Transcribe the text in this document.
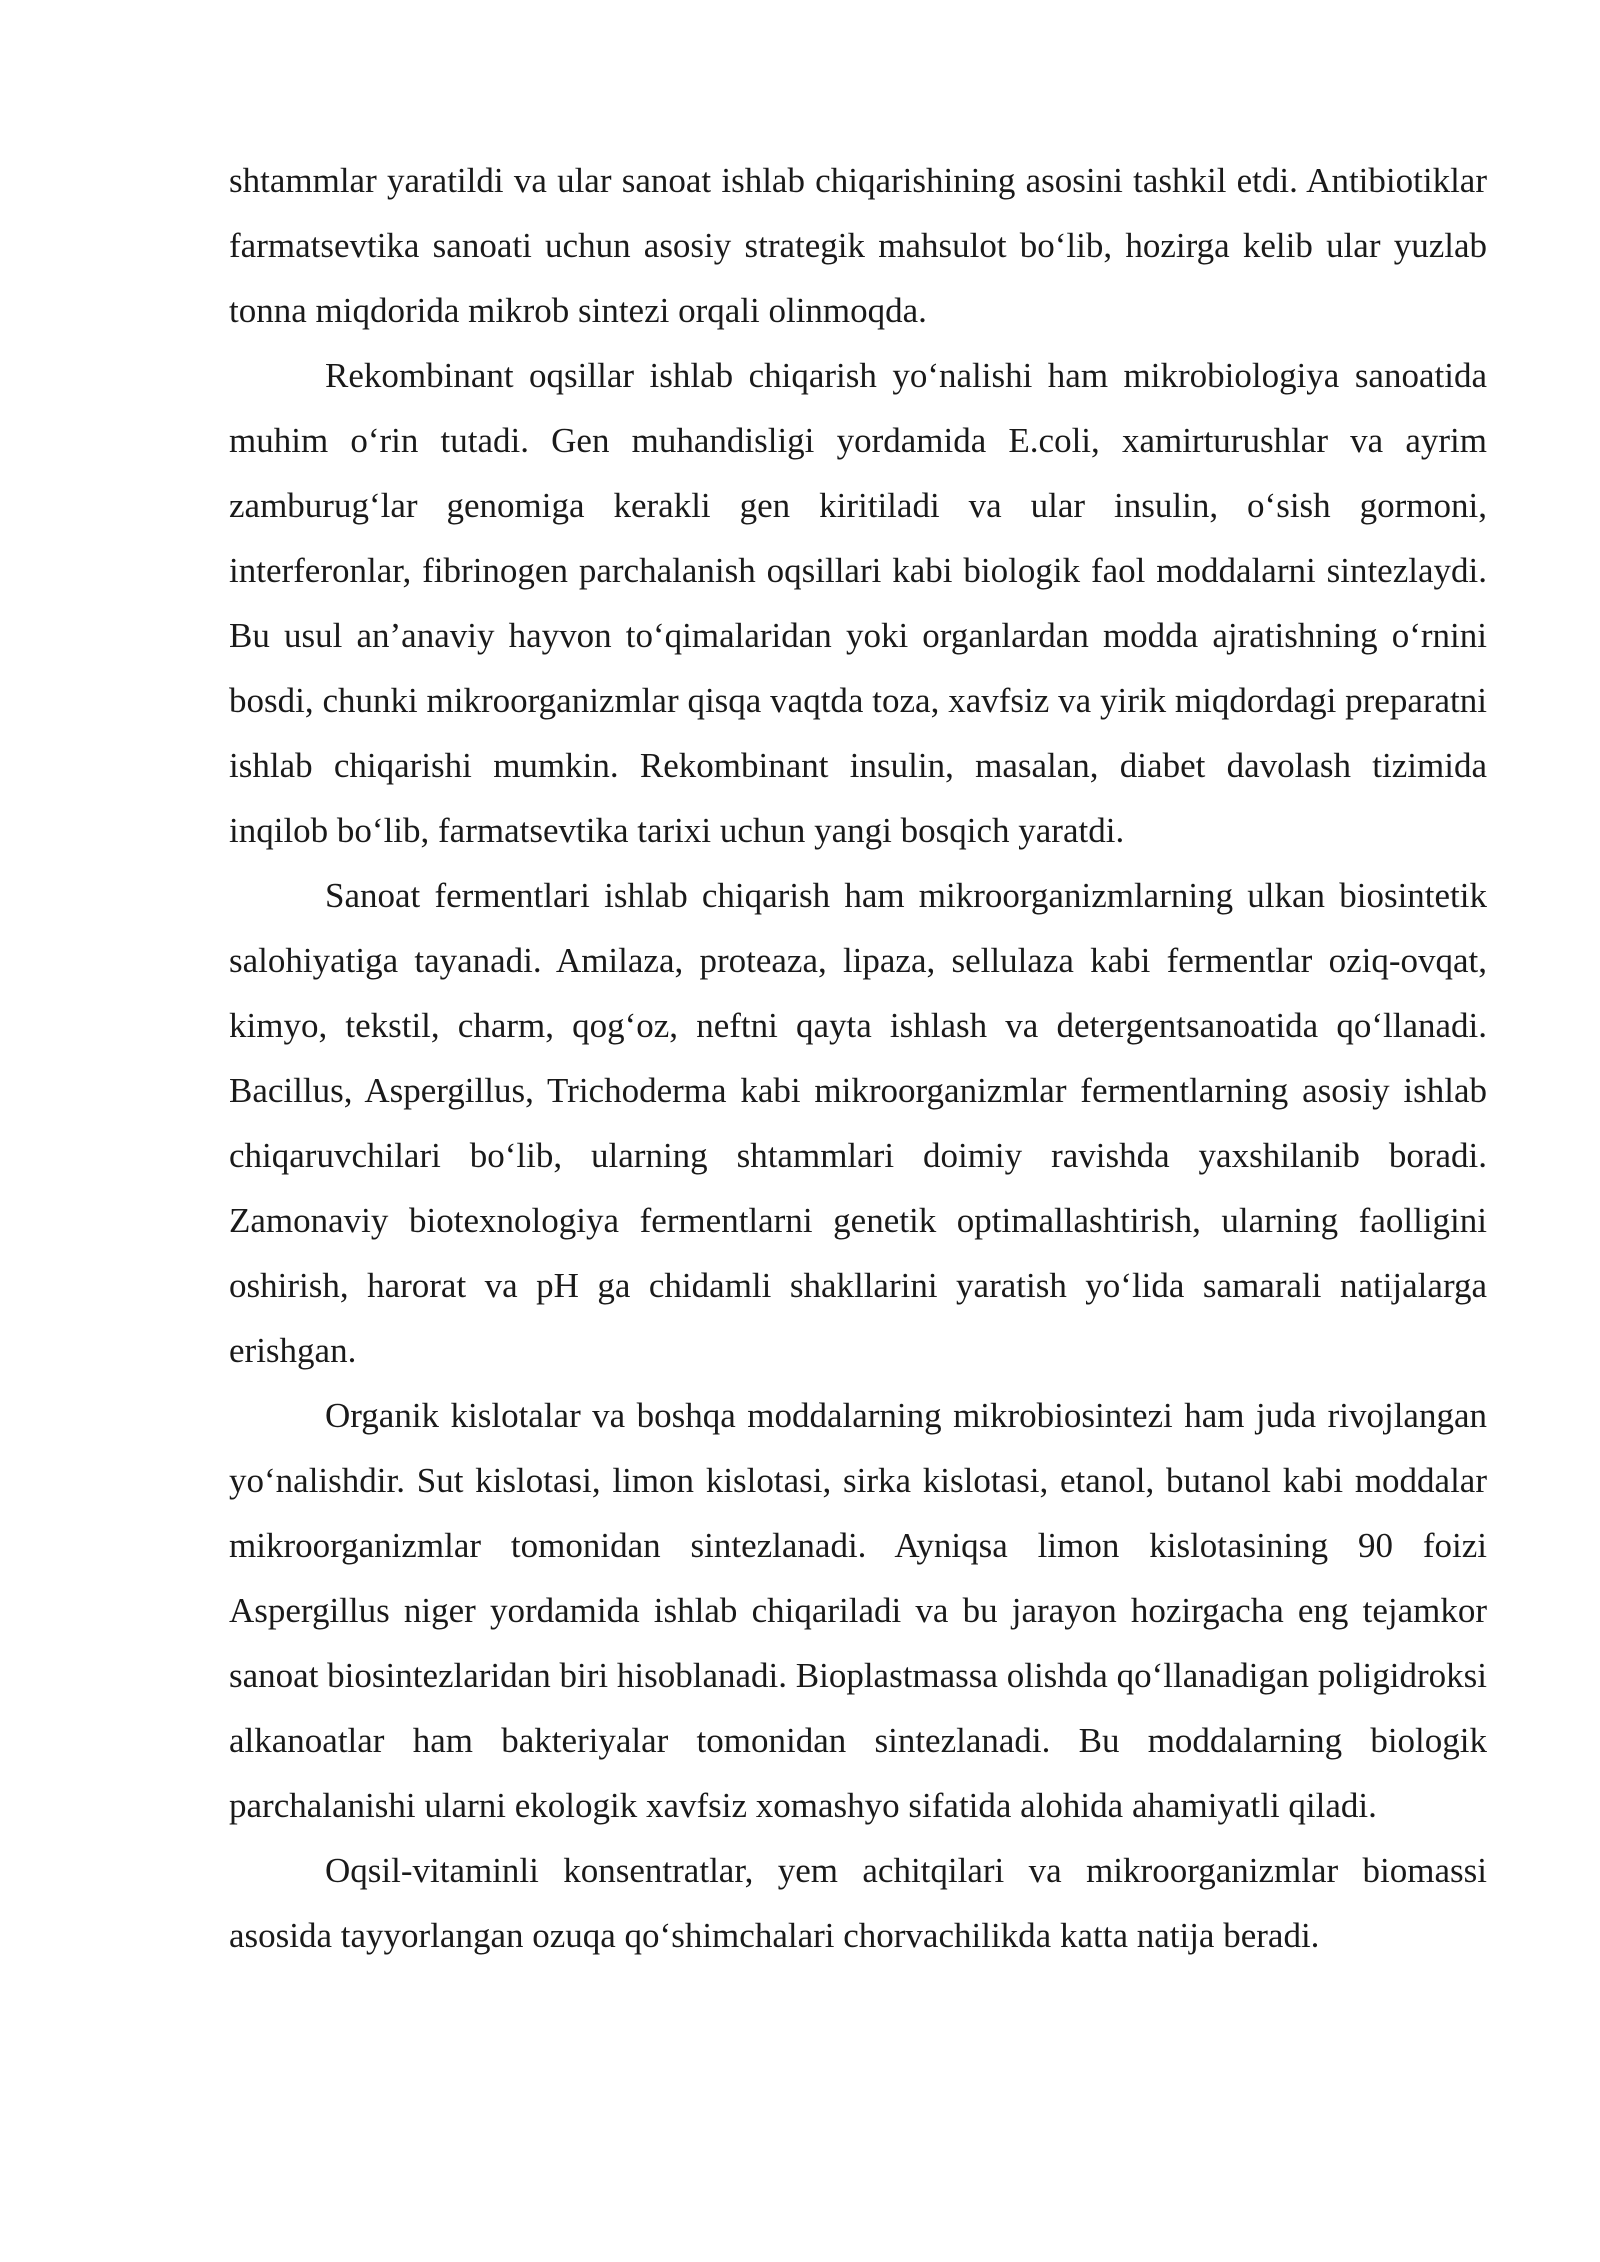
shtammlar yaratildi va ular sanoat ishlab chiqarishining asosini tashkil etdi. Antibiotiklar farmatsevtika sanoati uchun asosiy strategik mahsulot bo‘lib, hozirga kelib ular yuzlab tonna miqdorida mikrob sintezi orqali olinmoqda.

Rekombinant oqsillar ishlab chiqarish yo‘nalishi ham mikrobiologiya sanoatida muhim o‘rin tutadi. Gen muhandisligi yordamida E.coli, xamirturushlar va ayrim zamburug‘lar genomiga kerakli gen kiritiladi va ular insulin, o‘sish gormoni, interferonlar, fibrinogen parchalanish oqsillari kabi biologik faol moddalarni sintezlaydi. Bu usul an’anaviy hayvon to‘qimalaridan yoki organlardan modda ajratishning o‘rnini bosdi, chunki mikroorganizmlar qisqa vaqtda toza, xavfsiz va yirik miqdordagi preparatni ishlab chiqarishi mumkin. Rekombinant insulin, masalan, diabet davolash tizimida inqilob bo‘lib, farmatsevtika tarixi uchun yangi bosqich yaratdi.

Sanoat fermentlari ishlab chiqarish ham mikroorganizmlarning ulkan biosintetik salohiyatiga tayanadi. Amilaza, proteaza, lipaza, sellulaza kabi fermentlar oziq-ovqat, kimyo, tekstil, charm, qog‘oz, neftni qayta ishlash va detergentsanoatida qo‘llanadi. Bacillus, Aspergillus, Trichoderma kabi mikroorganizmlar fermentlarning asosiy ishlab chiqaruvchilari bo‘lib, ularning shtammlari doimiy ravishda yaxshilanib boradi. Zamonaviy biotexnologiya fermentlarni genetik optimallashtirish, ularning faolligini oshirish, harorat va pH ga chidamli shakllarini yaratish yo‘lida samarali natijalarga erishgan.

Organik kislotalar va boshqa moddalarning mikrobiosintezi ham juda rivojlangan yo‘nalishdir. Sut kislotasi, limon kislotasi, sirka kislotasi, etanol, butanol kabi moddalar mikroorganizmlar tomonidan sintezlanadi. Ayniqsa limon kislotasining 90 foizi Aspergillus niger yordamida ishlab chiqariladi va bu jarayon hozirgacha eng tejamkor sanoat biosintezlaridan biri hisoblanadi. Bioplastmassa olishda qo‘llanadigan poligidroksi alkanoatlar ham bakteriyalar tomonidan sintezlanadi. Bu moddalarning biologik parchalanishi ularni ekologik xavfsiz xomashyo sifatida alohida ahamiyatli qiladi.

Oqsil-vitaminli konsentratlar, yem achitqilari va mikroorganizmlar biomassi asosida tayyorlangan ozuqa qo‘shimchalari chorvachilikda katta natija beradi.
